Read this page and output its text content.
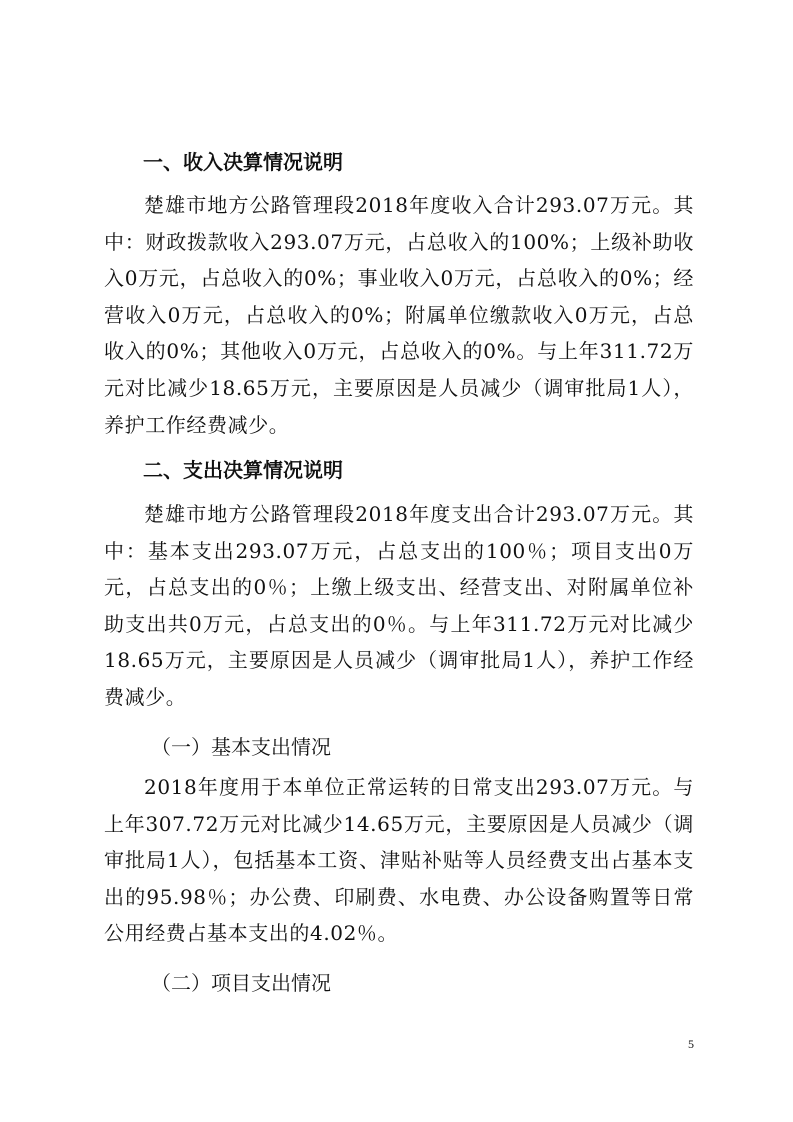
一、收入决算情况说明

楚雄市地方公路管理段2018年度收入合计293.07万元。其中：财政拨款收入293.07万元，占总收入的100%；上级补助收入0万元，占总收入的0%；事业收入0万元，占总收入的0%；经营收入0万元，占总收入的0%；附属单位缴款收入0万元，占总收入的0%；其他收入0万元，占总收入的0%。与上年311.72万元对比减少18.65万元，主要原因是人员减少（调审批局1人），养护工作经费减少。

二、支出决算情况说明

楚雄市地方公路管理段2018年度支出合计293.07万元。其中：基本支出293.07万元，占总支出的100％；项目支出0万元，占总支出的0％；上缴上级支出、经营支出、对附属单位补助支出共0万元，占总支出的0％。与上年311.72万元对比减少18.65万元，主要原因是人员减少（调审批局1人），养护工作经费减少。

（一）基本支出情况

2018年度用于本单位正常运转的日常支出293.07万元。与上年307.72万元对比减少14.65万元，主要原因是人员减少（调审批局1人），包括基本工资、津贴补贴等人员经费支出占基本支出的95.98％；办公费、印刷费、水电费、办公设备购置等日常公用经费占基本支出的4.02％。

（二）项目支出情况
5
